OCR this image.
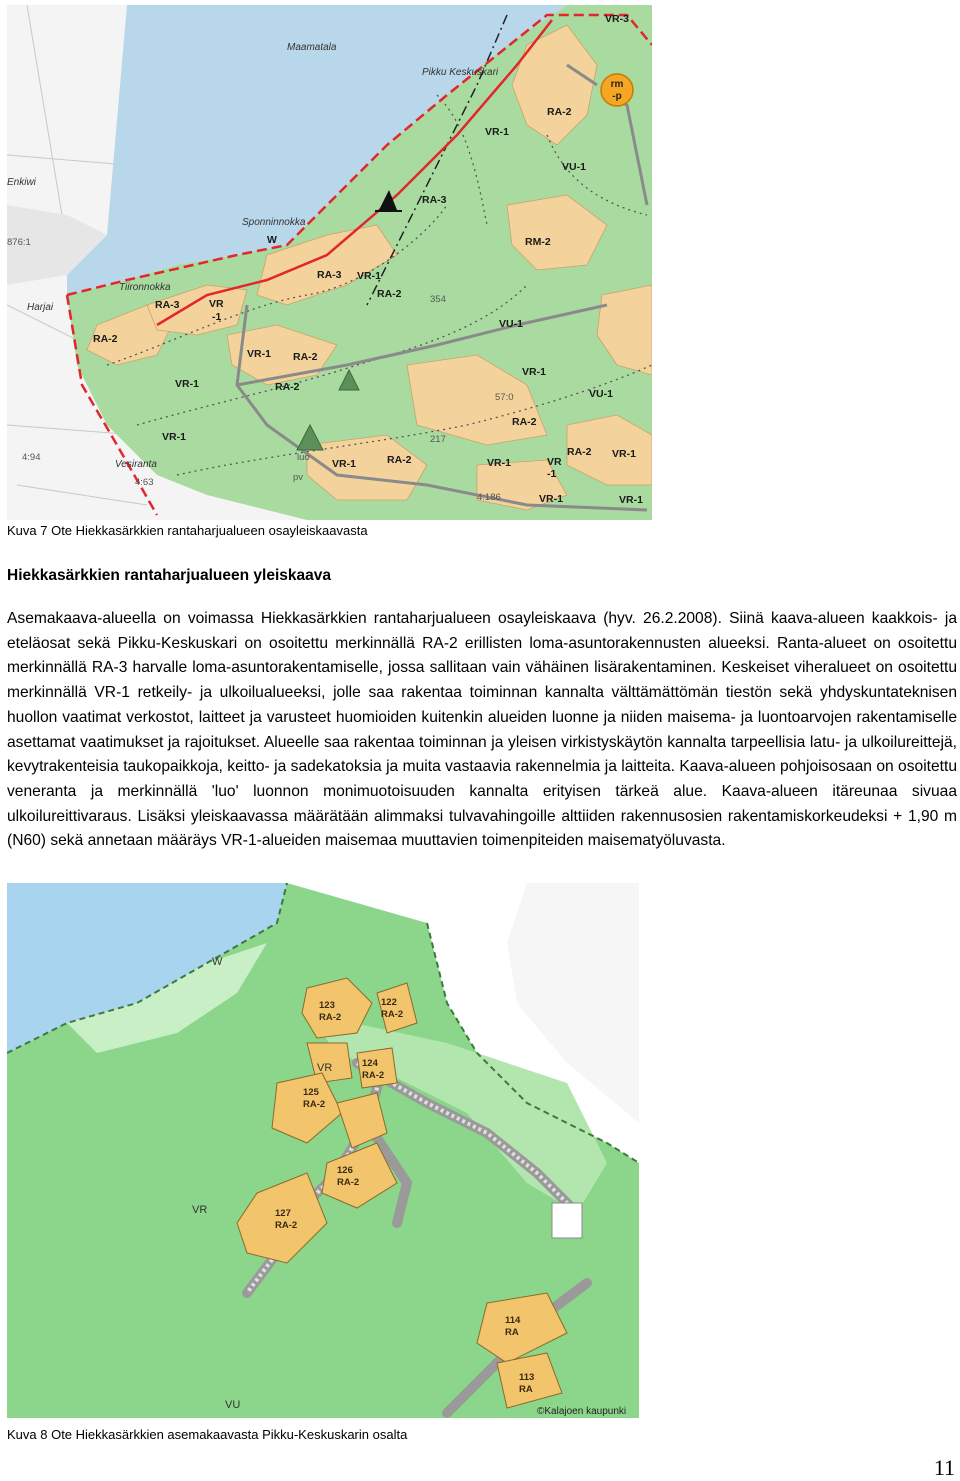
rm
-p
VR-3
RA-2
VR-1
VU-1
RA-3
RM-2
W
RA-3 VR-1
RA-2
RA-3	VR
-1
RA-2
VU-1
VR-1 RA-2
VR-1
VR-1
RA-2
VU-1
VR-1
RA-2
VR-1	RA-2	VR-1
VR-1
RA-2
VR-1	VR-1
VR
-1
Maamatala
Pikku Keskuskari
Sponninnokka
Tiironnokka
Harjai
Vesiranta
Enkiwi
876:1
4:94
4:63
4:186
354
57:0
217
luo
pv
Kuva 7 Ote Hiekkasärkkien rantaharjualueen osayleiskaavasta
Hiekkasärkkien rantaharjualueen yleiskaava

Asemakaava-alueella on voimassa Hiekkasärkkien rantaharjualueen osayleiskaava (hyv. 26.2.2008). Siinä kaava-alueen kaakkois- ja eteläosat sekä Pikku-Keskuskari on osoitettu merkinnällä RA-2 erillisten loma-asuntorakennusten alueeksi. Ranta-alueet on osoitettu merkinnällä RA-3 harvalle loma-asuntorakentamiselle, jossa sallitaan vain vähäinen lisärakentaminen. Keskeiset viheralueet on osoitettu merkinnällä VR-1 retkeily- ja ulkoilualueeksi, jolle saa rakentaa toiminnan kannalta välttämättömän tiestön sekä yhdyskuntateknisen huollon vaatimat verkostot, laitteet ja varusteet huomioiden kuitenkin alueiden luonne ja niiden maisema- ja luontoarvojen rakentamiselle asettamat vaatimukset ja rajoitukset. Alueelle saa rakentaa toiminnan ja yleisen virkistyskäytön kannalta tarpeellisia latu- ja ulkoilureittejä, kevytrakenteisia taukopaikkoja, keitto- ja sadekatoksia ja muita vastaavia rakennelmia ja laitteita. Kaava-alueen pohjoisosaan on osoitettu veneranta ja merkinnällä 'luo' luonnon monimuotoisuuden kannalta erityisen tärkeä alue. Kaava-alueen itäreunaa sivuaa ulkoilureittivaraus. Lisäksi yleiskaavassa määrätään alimmaksi tulvavahingoille alttiiden rakennusosien rakentamiskorkeudeksi + 1,90 m (N60) sekä annetaan määräys VR-1-alueiden maisemaa muuttavien toimenpiteiden maisematyöluvasta.

W
VR
VR
VU
123
RA-2
122
RA-2
124
RA-2
125
RA-2
126
RA-2
127
RA-2
114
RA
113
RA
©Kalajoen kaupunki
Kuva 8 Ote Hiekkasärkkien asemakaavasta Pikku-Keskuskarin osalta
11
